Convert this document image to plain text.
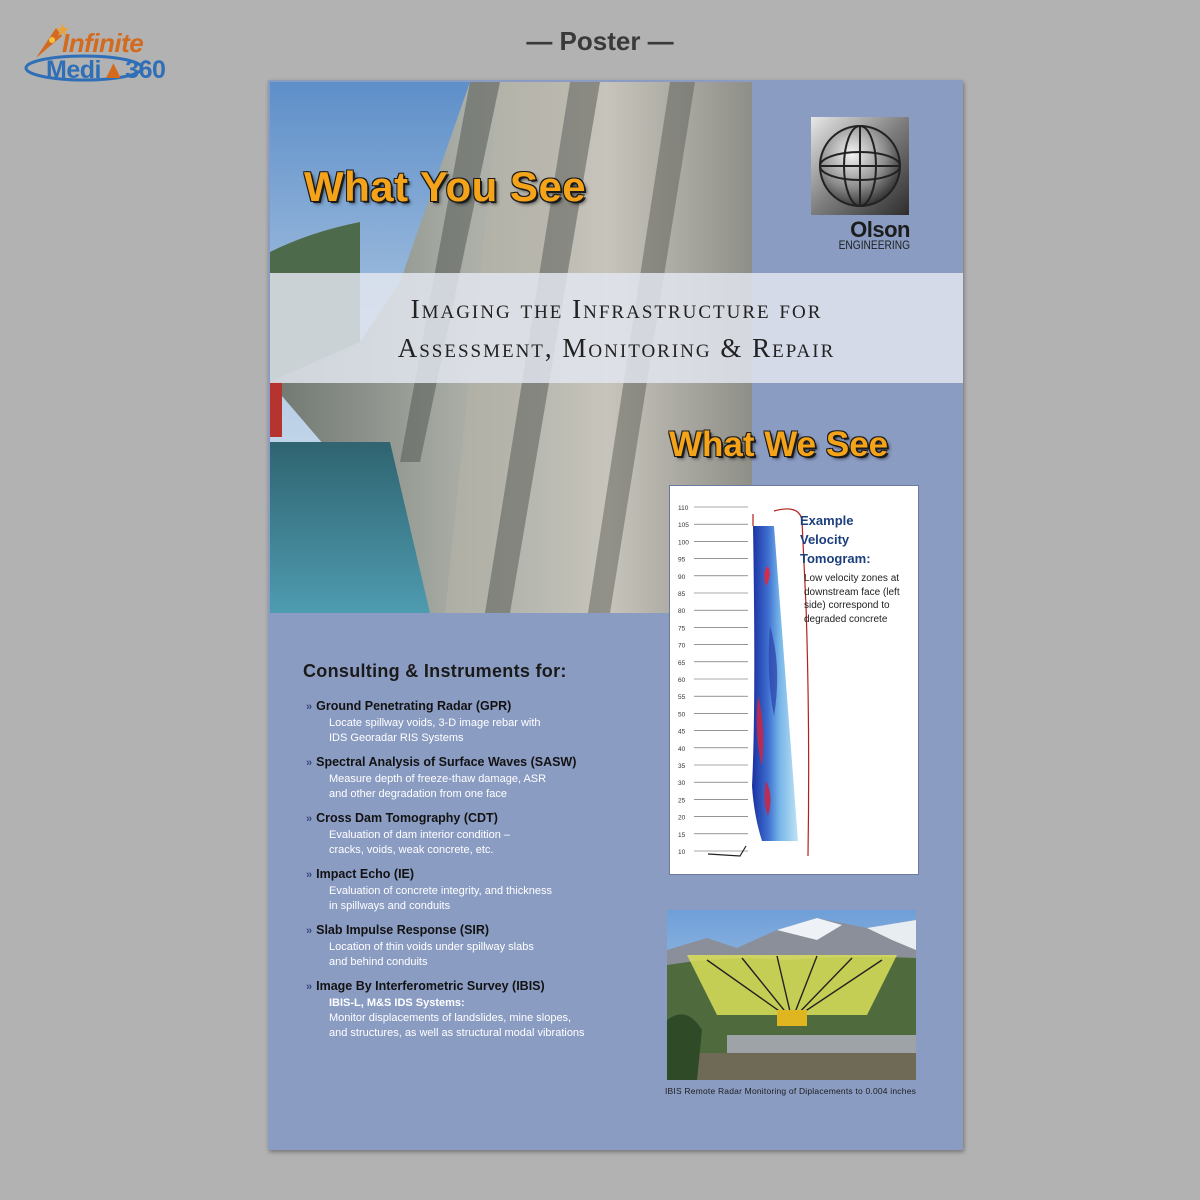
Infinite
Medi▲360
— Poster —
Olson
ENGINEERING
What You See
Imaging the Infrastructure for
Assessment, Monitoring & Repair
What We See
110
105
100
95
90
85
80
75
70
65
60
55
50
45
40
35
30
25
20
15
10
Example
Velocity
Tomogram:
Low velocity zones at downstream face (left side) correspond to degraded concrete
Consulting & Instruments for:
» Ground Penetrating Radar (GPR)
Locate spillway voids, 3-D image rebar with
IDS Georadar RIS Systems
» Spectral Analysis of Surface Waves (SASW)
Measure depth of freeze-thaw damage, ASR
and other degradation from one face
» Cross Dam Tomography (CDT)
Evaluation of dam interior condition –
cracks, voids, weak concrete, etc.
» Impact Echo (IE)
Evaluation of concrete integrity, and thickness
in spillways and conduits
» Slab Impulse Response (SIR)
Location of thin voids under spillway slabs
and behind conduits
» Image By Interferometric Survey (IBIS)
IBIS-L, M&S IDS Systems:
Monitor displacements of landslides, mine slopes,
and structures, as well as structural modal vibrations
IBIS Remote Radar Monitoring of Diplacements to 0.004 inches
